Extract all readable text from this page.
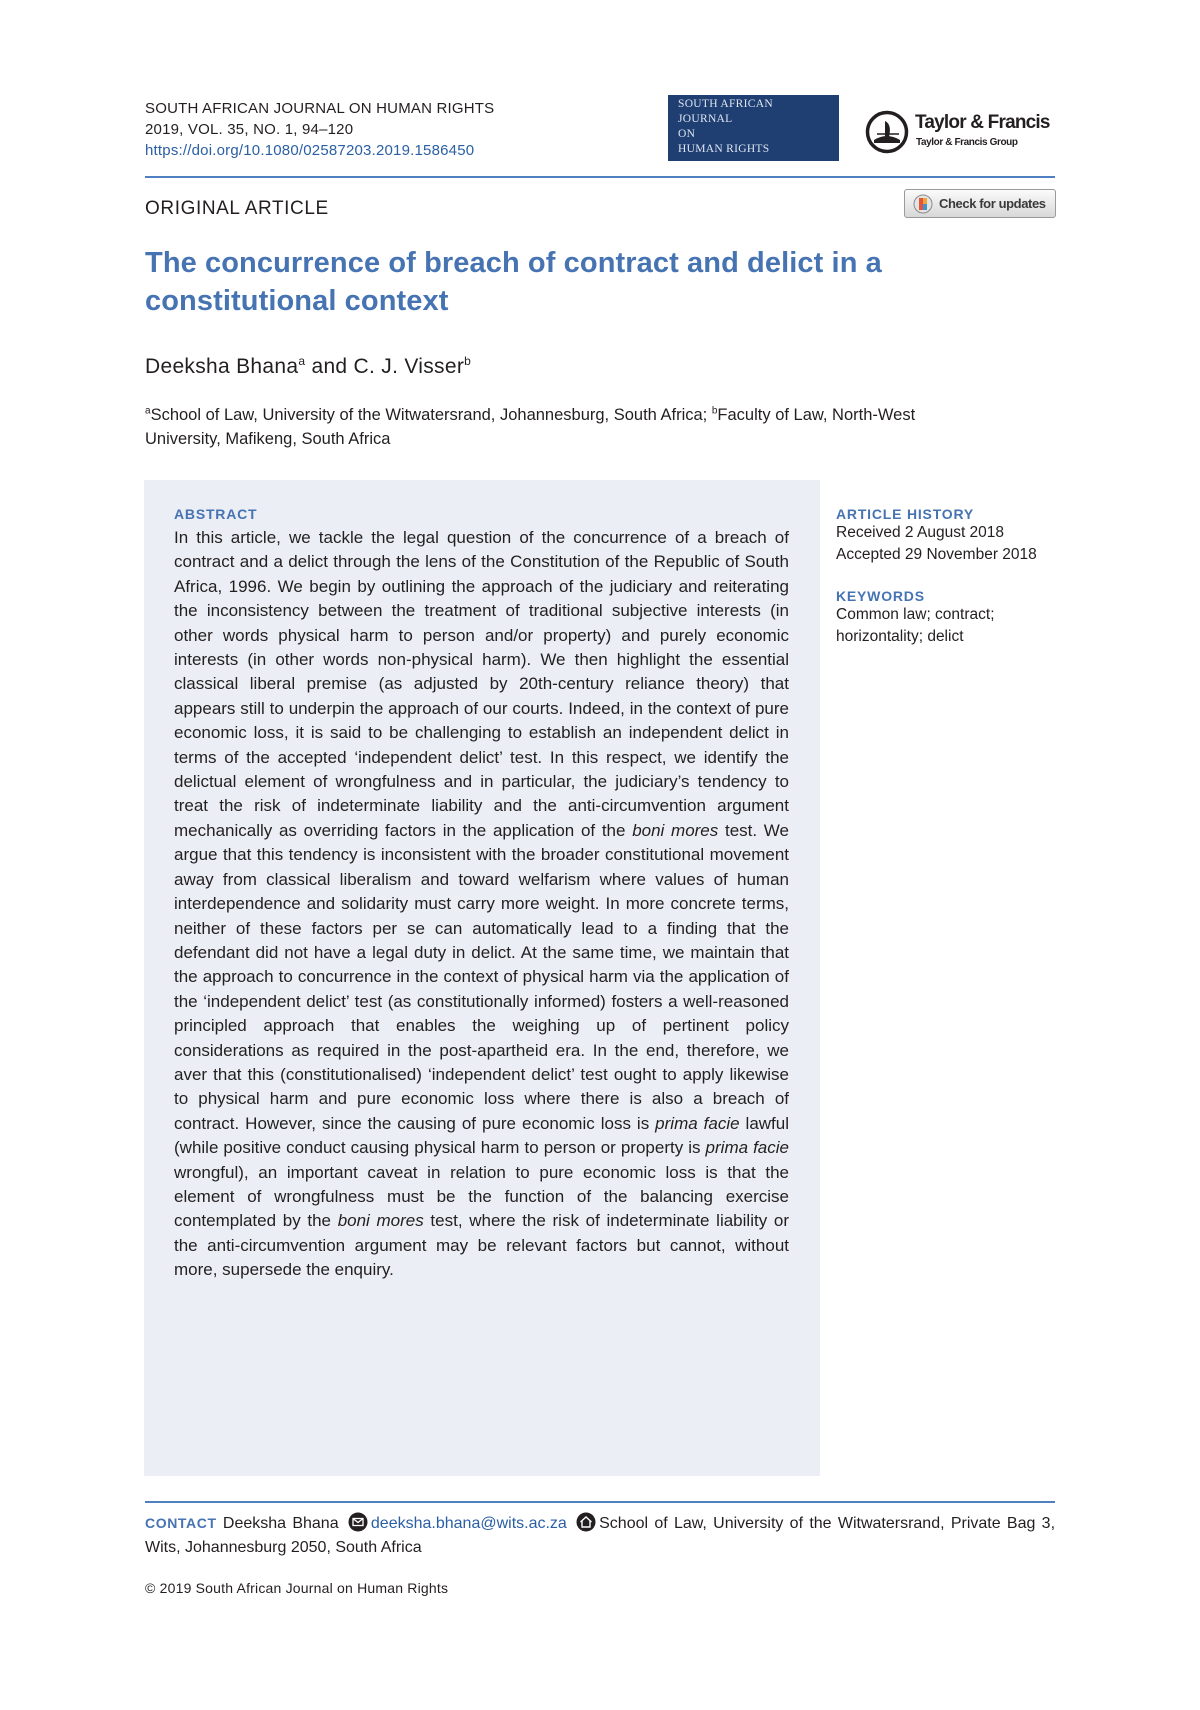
SOUTH AFRICAN JOURNAL ON HUMAN RIGHTS
2019, VOL. 35, NO. 1, 94–120
https://doi.org/10.1080/02587203.2019.1586450
SOUTH AFRICAN
JOURNAL
ON
HUMAN RIGHTS
Taylor & Francis
Taylor & Francis Group
ORIGINAL ARTICLE	Check for updates
The concurrence of breach of contract and delict in a constitutional context
Deeksha Bhana$^a$ and C. J. Visser$^b$
$^a$School of Law, University of the Witwatersrand, Johannesburg, South Africa; $^b$Faculty of Law, North-West University, Mafikeng, South Africa
ABSTRACT

In this article, we tackle the legal question of the concurrence of a breach of contract and a delict through the lens of the Constitution of the Republic of South Africa, 1996. We begin by outlining the approach of the judiciary and reiterating the inconsistency between the treatment of traditional subjective interests (in other words physical harm to person and/or property) and purely economic interests (in other words non-physical harm). We then highlight the essential classical liberal premise (as adjusted by 20th-century reliance theory) that appears still to underpin the approach of our courts. Indeed, in the context of pure economic loss, it is said to be challenging to establish an independent delict in terms of the accepted ‘independent delict’ test. In this respect, we identify the delictual element of wrongfulness and in particular, the judiciary’s tendency to treat the risk of indeterminate liability and the anti-circumvention argument mechanically as overriding factors in the application of the boni mores test. We argue that this tendency is inconsistent with the broader constitutional movement away from classical liberalism and toward welfarism where values of human interdependence and solidarity must carry more weight. In more concrete terms, neither of these factors per se can automatically lead to a finding that the defendant did not have a legal duty in delict. At the same time, we maintain that the approach to concurrence in the context of physical harm via the application of the ‘independent delict’ test (as constitutionally informed) fosters a well-reasoned principled approach that enables the weighing up of pertinent policy considerations as required in the post-apartheid era. In the end, therefore, we aver that this (constitutionalised) ‘independent delict’ test ought to apply likewise to physical harm and pure economic loss where there is also a breach of contract. However, since the causing of pure economic loss is prima facie lawful (while positive conduct causing physical harm to person or property is prima facie wrongful), an important caveat in relation to pure economic loss is that the element of wrongfulness must be the function of the balancing exercise contemplated by the boni mores test, where the risk of indeterminate liability or the anti-circumvention argument may be relevant factors but cannot, without more, supersede the enquiry.

ARTICLE HISTORY
Received 2 August 2018
Accepted 29 November 2018
KEYWORDS
Common law; contract; horizontality; delict
CONTACT Deeksha Bhana deeksha.bhana@wits.ac.za School of Law, University of the Witwatersrand, Private Bag 3, Wits, Johannesburg 2050, South Africa
© 2019 South African Journal on Human Rights
